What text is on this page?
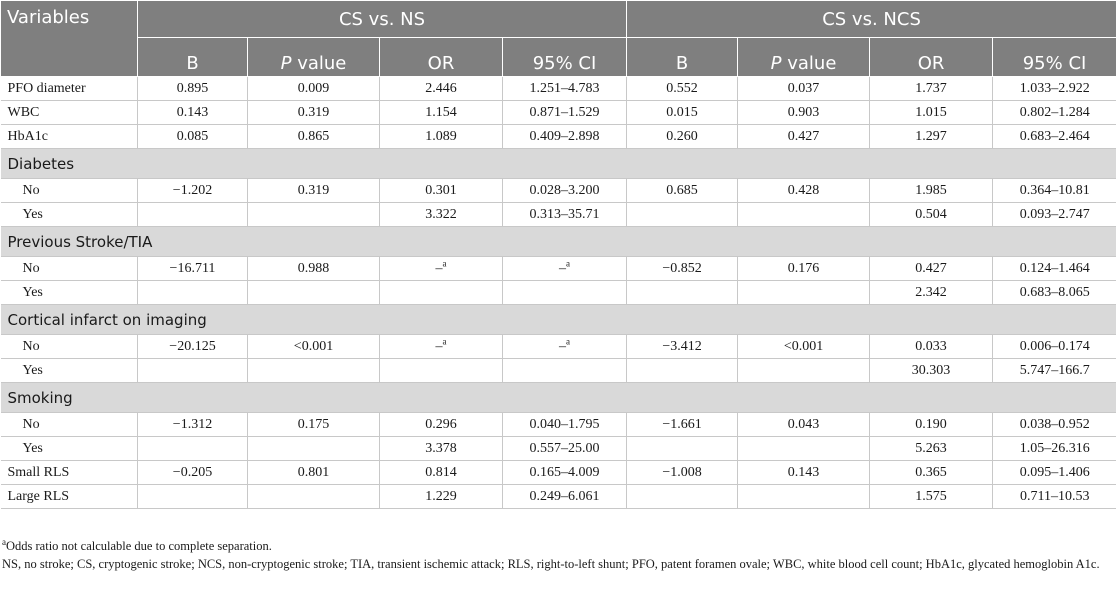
Variables	CS vs. NS				CS vs. NCS			
	B	P value	OR	95% CI	B	P value	OR	95% CI
PFO diameter	0.895	0.009	2.446	1.251–4.783	0.552	0.037	1.737	1.033–2.922
WBC	0.143	0.319	1.154	0.871–1.529	0.015	0.903	1.015	0.802–1.284
HbA1c	0.085	0.865	1.089	0.409–2.898	0.260	0.427	1.297	0.683–2.464
Diabetes								
No	−1.202	0.319	0.301	0.028–3.200	0.685	0.428	1.985	0.364–10.81
Yes			3.322	0.313–35.71			0.504	0.093–2.747
Previous Stroke/TIA								
No	−16.711	0.988	–$^a$	–$^a$	−0.852	0.176	0.427	0.124–1.464
Yes							2.342	0.683–8.065
Cortical infarct on imaging								
No	−20.125	<0.001	–$^a$	–$^a$	−3.412	<0.001	0.033	0.006–0.174
Yes							30.303	5.747–166.7
Smoking								
No	−1.312	0.175	0.296	0.040–1.795	−1.661	0.043	0.190	0.038–0.952
Yes			3.378	0.557–25.00			5.263	1.05–26.316
Small RLS	−0.205	0.801	0.814	0.165–4.009	−1.008	0.143	0.365	0.095–1.406
Large RLS			1.229	0.249–6.061			1.575	0.711–10.53

$^a$Odds ratio not calculable due to complete separation.

NS, no stroke; CS, cryptogenic stroke; NCS, non-cryptogenic stroke; TIA, transient ischemic attack; RLS, right-to-left shunt; PFO, patent foramen ovale; WBC, white blood cell count; HbA1c, glycated hemoglobin A1c.
